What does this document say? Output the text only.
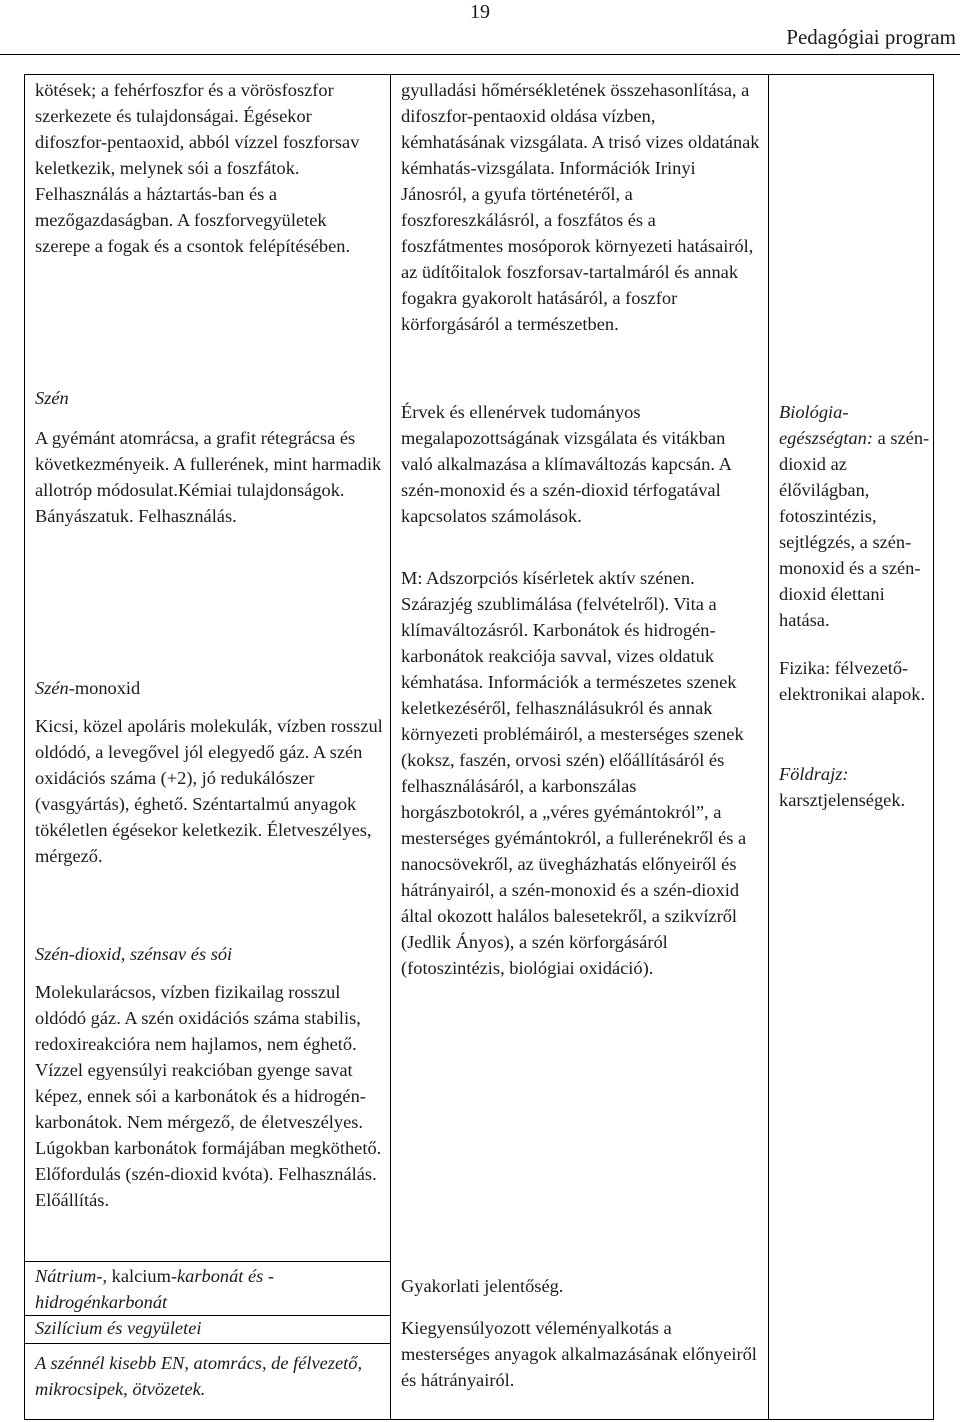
19
Pedagógiai program
kötések; a fehérfoszfor és a vörösfoszfor szerkezete és tulajdonságai. Égésekor difoszfor-pentaoxid, abból vízzel foszforsav keletkezik, melynek sói a foszfátok. Felhasználás a háztartás-ban és a mezőgazdaságban. A foszforvegyületek szerepe a fogak és a csontok felépítésében.
Szén
A gyémánt atomrácsa, a grafit rétegrácsa és következményeik. A fullerének, mint harmadik allotróp módosulat.Kémiai tulajdonságok. Bányászatuk. Felhasználás.
Szén-monoxid
Kicsi, közel apoláris molekulák, vízben rosszul oldódó, a levegővel jól elegyedő gáz. A szén oxidációs száma (+2), jó redukálószer (vasgyártás), éghető. Széntartalmú anyagok tökéletlen égésekor keletkezik. Életveszélyes, mérgező.
Szén-dioxid, szénsav és sói
Molekularácsos, vízben fizikailag rosszul oldódó gáz. A szén oxidációs száma stabilis, redoxireakcióra nem hajlamos, nem éghető. Vízzel egyensúlyi reakcióban gyenge savat képez, ennek sói a karbonátok és a hidrogén-karbonátok. Nem mérgező, de életveszélyes. Lúgokban karbonátok formájában megköthető. Előfordulás (szén-dioxid kvóta). Felhasználás. Előállítás.
Nátrium-, kalcium-karbonát és - hidrogénkarbonát
Szilícium és vegyületei
A szénnél kisebb EN, atomrács, de félvezető, mikrocsipek, ötvözetek.
gyulladási hőmérsékletének összehasonlítása, a difoszfor-pentaoxid oldása vízben, kémhatásának vizsgálata. A trisó vizes oldatának kémhatás-vizsgálata. Információk Irinyi Jánosról, a gyufa történetéről, a foszforeszkálásról, a foszfátos és a foszfátmentes mosóporok környezeti hatásairól, az üdítőitalok foszforsav-tartalmáról és annak fogakra gyakorolt hatásáról, a foszfor körforgásáról a természetben.
Érvek és ellenérvek tudományos megalapozottságának vizsgálata és vitákban való alkalmazása a klímaváltozás kapcsán. A szén-monoxid és a szén-dioxid térfogatával kapcsolatos számolások.
M: Adszorpciós kísérletek aktív szénen. Szárazjég szublimálása (felvételről). Vita a klímaváltozásról. Karbonátok és hidrogén-karbonátok reakciója savval, vizes oldatuk kémhatása. Információk a természetes szenek keletkezéséről, felhasználásukról és annak környezeti problémáiról, a mesterséges szenek (koksz, faszén, orvosi szén) előállításáról és felhasználásáról, a karbonszálas horgászbotokról, a „véres gyémántokról”, a mesterséges gyémántokról, a fullerénekről és a nanocsövekről, az üvegházhatás előnyeiről és hátrányairól, a szén-monoxid és a szén-dioxid által okozott halálos balesetekről, a szikvízről (Jedlik Ányos), a szén körforgásáról (fotoszintézis, biológiai oxidáció).
Gyakorlati jelentőség.
Kiegyensúlyozott véleményalkotás a mesterséges anyagok alkalmazásának előnyeiről és hátrányairól.
Biológia-egészségtan: a szén-dioxid az élővilágban, fotoszintézis, sejtlégzés, a szén-monoxid és a szén-dioxid élettani hatása.
Fizika: félvezető-elektronikai alapok.
Földrajz:
karsztjelenségek.
